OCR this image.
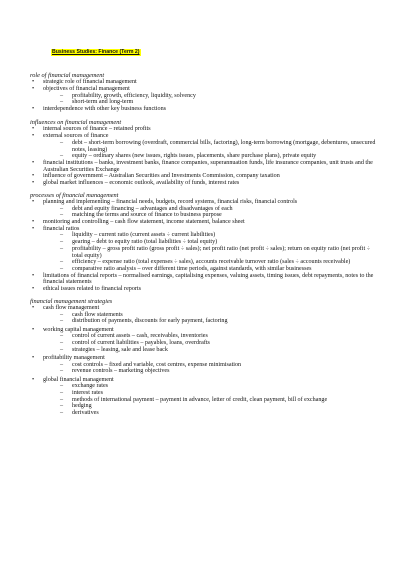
Business Studies: Finance (Term 2)
role of financial management
• strategic role of financial management
• objectives of financial management
– profitability, growth, efficiency, liquidity, solvency
– short-term and long-term
• interdependence with other key business functions
influences on financial management
• internal sources of finance – retained profits
• external sources of finance
– debt – short-term borrowing (overdraft, commercial bills, factoring), long-term borrowing (mortgage, debentures, unsecured notes, leasing)
– equity – ordinary shares (new issues, rights issues, placements, share purchase plans), private equity
• financial institutions – banks, investment banks, finance companies, superannuation funds, life insurance companies, unit trusts and the Australian Securities Exchange
• influence of government – Australian Securities and Investments Commission, company taxation
• global market influences – economic outlook, availability of funds, interest rates
processes of financial management
• planning and implementing – financial needs, budgets, record systems, financial risks, financial controls
– debt and equity financing – advantages and disadvantages of each
– matching the terms and source of finance to business purpose
• monitoring and controlling – cash flow statement, income statement, balance sheet
• financial ratios
– liquidity – current ratio (current assets ÷ current liabilities)
– gearing – debt to equity ratio (total liabilities ÷ total equity)
– profitability – gross profit ratio (gross profit ÷ sales); net profit ratio (net profit ÷ sales); return on equity ratio (net profit ÷ total equity)
– efficiency – expense ratio (total expenses ÷ sales), accounts receivable turnover ratio (sales ÷ accounts receivable)
– comparative ratio analysis – over different time periods, against standards, with similar businesses
• limitations of financial reports – normalised earnings, capitalising expenses, valuing assets, timing issues, debt repayments, notes to the financial statements
• ethical issues related to financial reports
financial management strategies
• cash flow management
– cash flow statements
– distribution of payments, discounts for early payment, factoring
• working capital management
– control of current assets – cash, receivables, inventories
– control of current liabilities – payables, loans, overdrafts
– strategies – leasing, sale and lease back
• profitability management
– cost controls – fixed and variable, cost centres, expense minimisation
– revenue controls – marketing objectives
• global financial management
– exchange rates
– interest rates
– methods of international payment – payment in advance, letter of credit, clean payment, bill of exchange
– hedging
– derivatives
